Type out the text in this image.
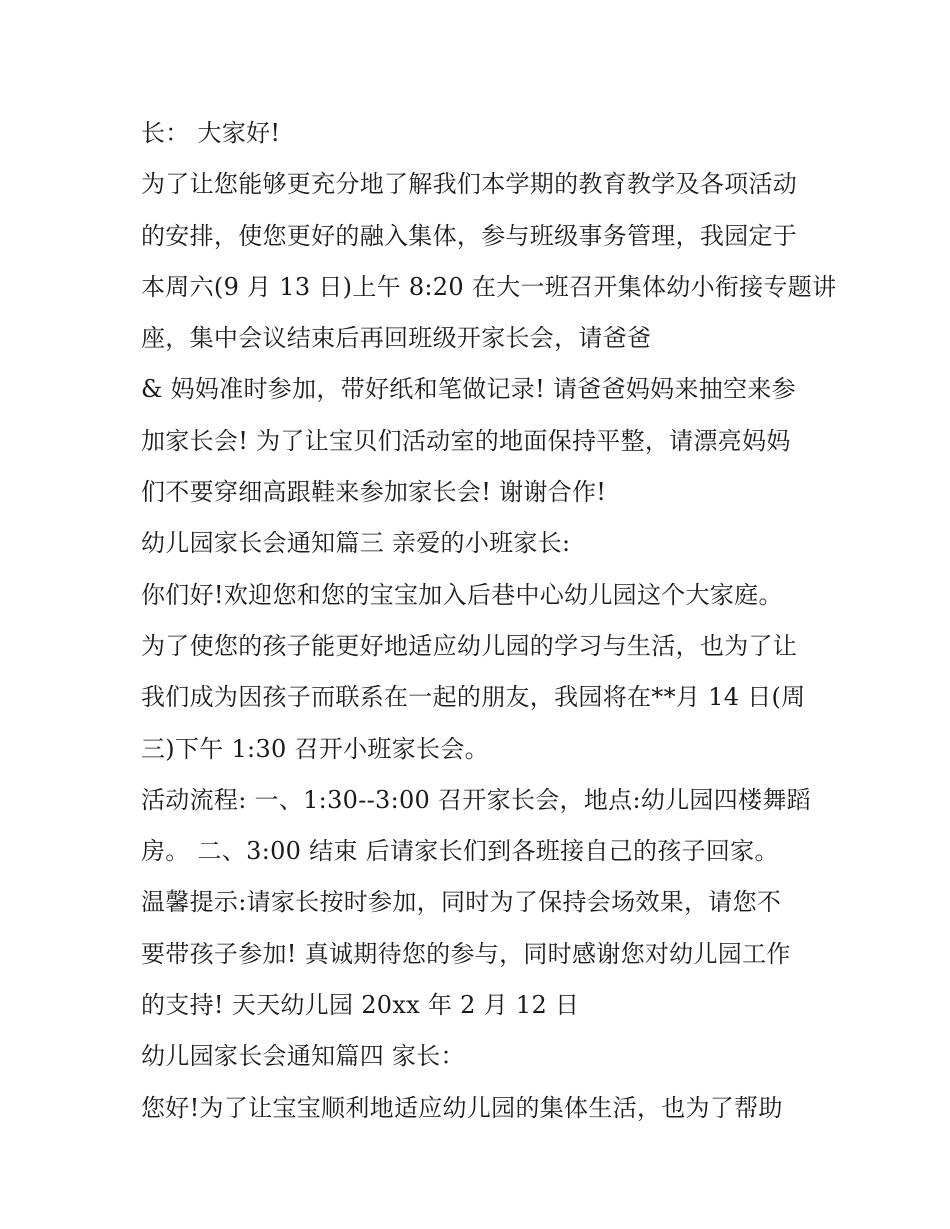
长： 大家好!
为了让您能够更充分地了解我们本学期的教育教学及各项活动
的安排，使您更好的融入集体，参与班级事务管理，我园定于
本周六(9 月 13 日)上午 8:20 在大一班召开集体幼小衔接专题讲
座，集中会议结束后再回班级开家长会，请爸爸
& 妈妈准时参加，带好纸和笔做记录! 请爸爸妈妈来抽空来参
加家长会! 为了让宝贝们活动室的地面保持平整，请漂亮妈妈
们不要穿细高跟鞋来参加家长会! 谢谢合作!
幼儿园家长会通知篇三 亲爱的小班家长:
你们好!欢迎您和您的宝宝加入后巷中心幼儿园这个大家庭。
为了使您的孩子能更好地适应幼儿园的学习与生活，也为了让
我们成为因孩子而联系在一起的朋友，我园将在**月 14 日(周
三)下午 1:30 召开小班家长会。
活动流程: 一、1:30--3:00 召开家长会，地点:幼儿园四楼舞蹈
房。 二、3:00 结束 后请家长们到各班接自己的孩子回家。
温馨提示:请家长按时参加，同时为了保持会场效果，请您不
要带孩子参加! 真诚期待您的参与，同时感谢您对幼儿园工作
的支持! 天天幼儿园 20xx 年 2 月 12 日
幼儿园家长会通知篇四 家长：
您好!为了让宝宝顺利地适应幼儿园的集体生活，也为了帮助
